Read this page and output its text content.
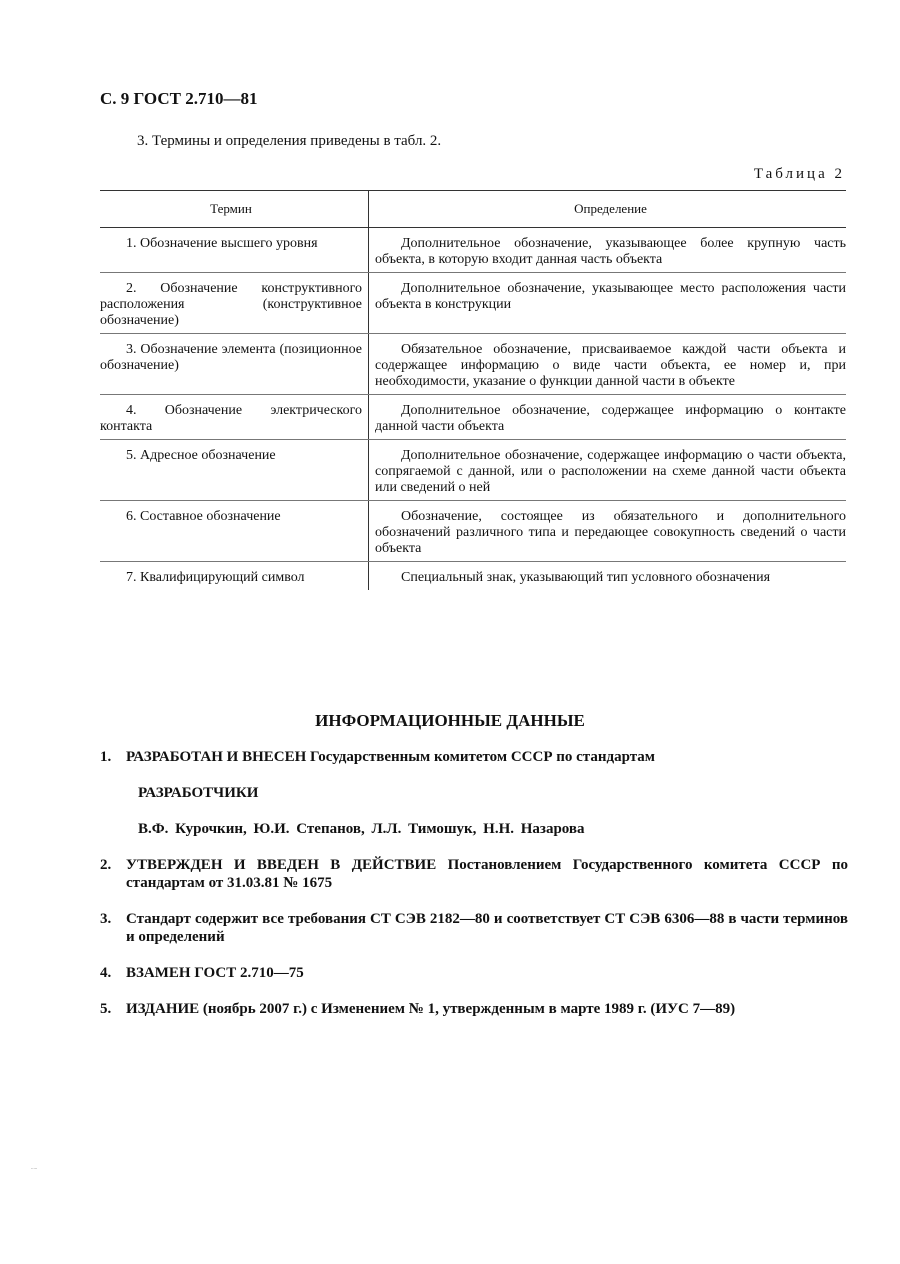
С. 9 ГОСТ 2.710—81
3. Термины и определения приведены в табл. 2.
Таблица 2
Термин	Определение

1. Обозначение высшего уровня	Дополнительное обозначение, указывающее более крупную часть объекта, в которую входит данная часть объекта

2. Обозначение конструктивного расположения (конструктивное обозначение)	Дополнительное обозначение, указывающее место расположения части объекта в конструкции

3. Обозначение элемента (позиционное обозначение)	Обязательное обозначение, присваиваемое каждой части объекта и содержащее информацию о виде части объекта, ее номер и, при необходимости, указание о функции данной части в объекте

4. Обозначение электрического контакта	Дополнительное обозначение, содержащее информацию о контакте данной части объекта

5. Адресное обозначение	Дополнительное обозначение, содержащее информацию о части объекта, сопрягаемой с данной, или о расположении на схеме данной части объекта или сведений о ней

6. Составное обозначение	Обозначение, состоящее из обязательного и дополнительного обозначений различного типа и передающее совокупность сведений о части объекта

7. Квалифицирующий символ	Специальный знак, указывающий тип условного обозначения
ИНФОРМАЦИОННЫЕ ДАННЫЕ
1. РАЗРАБОТАН И ВНЕСЕН Государственным комитетом СССР по стандартам
РАЗРАБОТЧИКИ
В.Ф. Курочкин, Ю.И. Степанов, Л.Л. Тимошук, Н.Н. Назарова
2. УТВЕРЖДЕН И ВВЕДЕН В ДЕЙСТВИЕ Постановлением Государственного комитета СССР по стандартам от 31.03.81 № 1675
3. Стандарт содержит все требования СТ СЭВ 2182—80 и соответствует СТ СЭВ 6306—88 в части терминов и определений
4. ВЗАМЕН ГОСТ 2.710—75
5. ИЗДАНИЕ (ноябрь 2007 г.) с Изменением № 1, утвержденным в марте 1989 г. (ИУС 7—89)
·····
